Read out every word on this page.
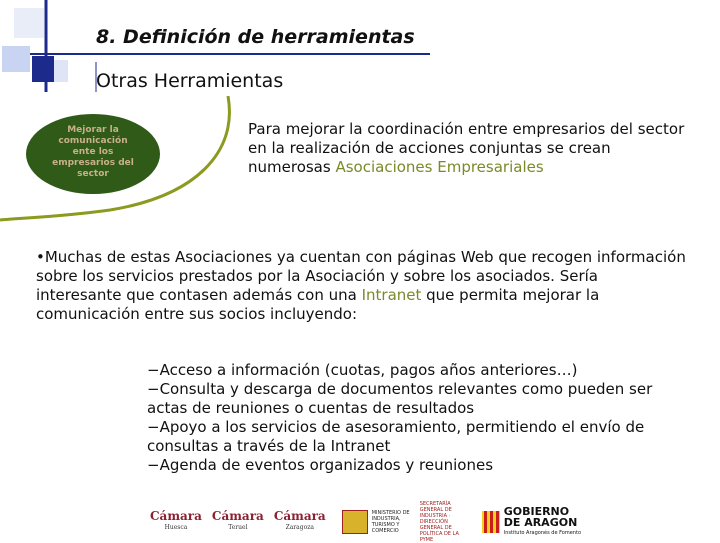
8. Definición de herramientas
Otras Herramientas
Mejorar la comunicación ente los empresarios del sector
Para mejorar la coordinación entre empresarios del sector en la realización de acciones conjuntas se crean numerosas Asociaciones Empresariales
•Muchas de estas Asociaciones ya cuentan con páginas Web que recogen información sobre los servicios prestados por la Asociación y sobre los asociados. Sería interesante que contasen además con una Intranet que permita mejorar la comunicación entre sus socios incluyendo:
−Acceso a información (cuotas, pagos años anteriores…)
−Consulta y descarga de documentos relevantes como pueden ser actas de reuniones o cuentas de resultados
−Apoyo a los servicios de asesoramiento, permitiendo el envío de consultas a través de la Intranet
−Agenda de eventos organizados y reuniones
Cámara
Huesca
Cámara
Teruel
Cámara
Zaragoza
MINISTERIO DE INDUSTRIA, TURISMO Y COMERCIO
SECRETARÍA GENERAL DE INDUSTRIA · DIRECCIÓN GENERAL DE POLÍTICA DE LA PYME
GOBIERNO
DE ARAGON
Instituto Aragonés de Fomento
